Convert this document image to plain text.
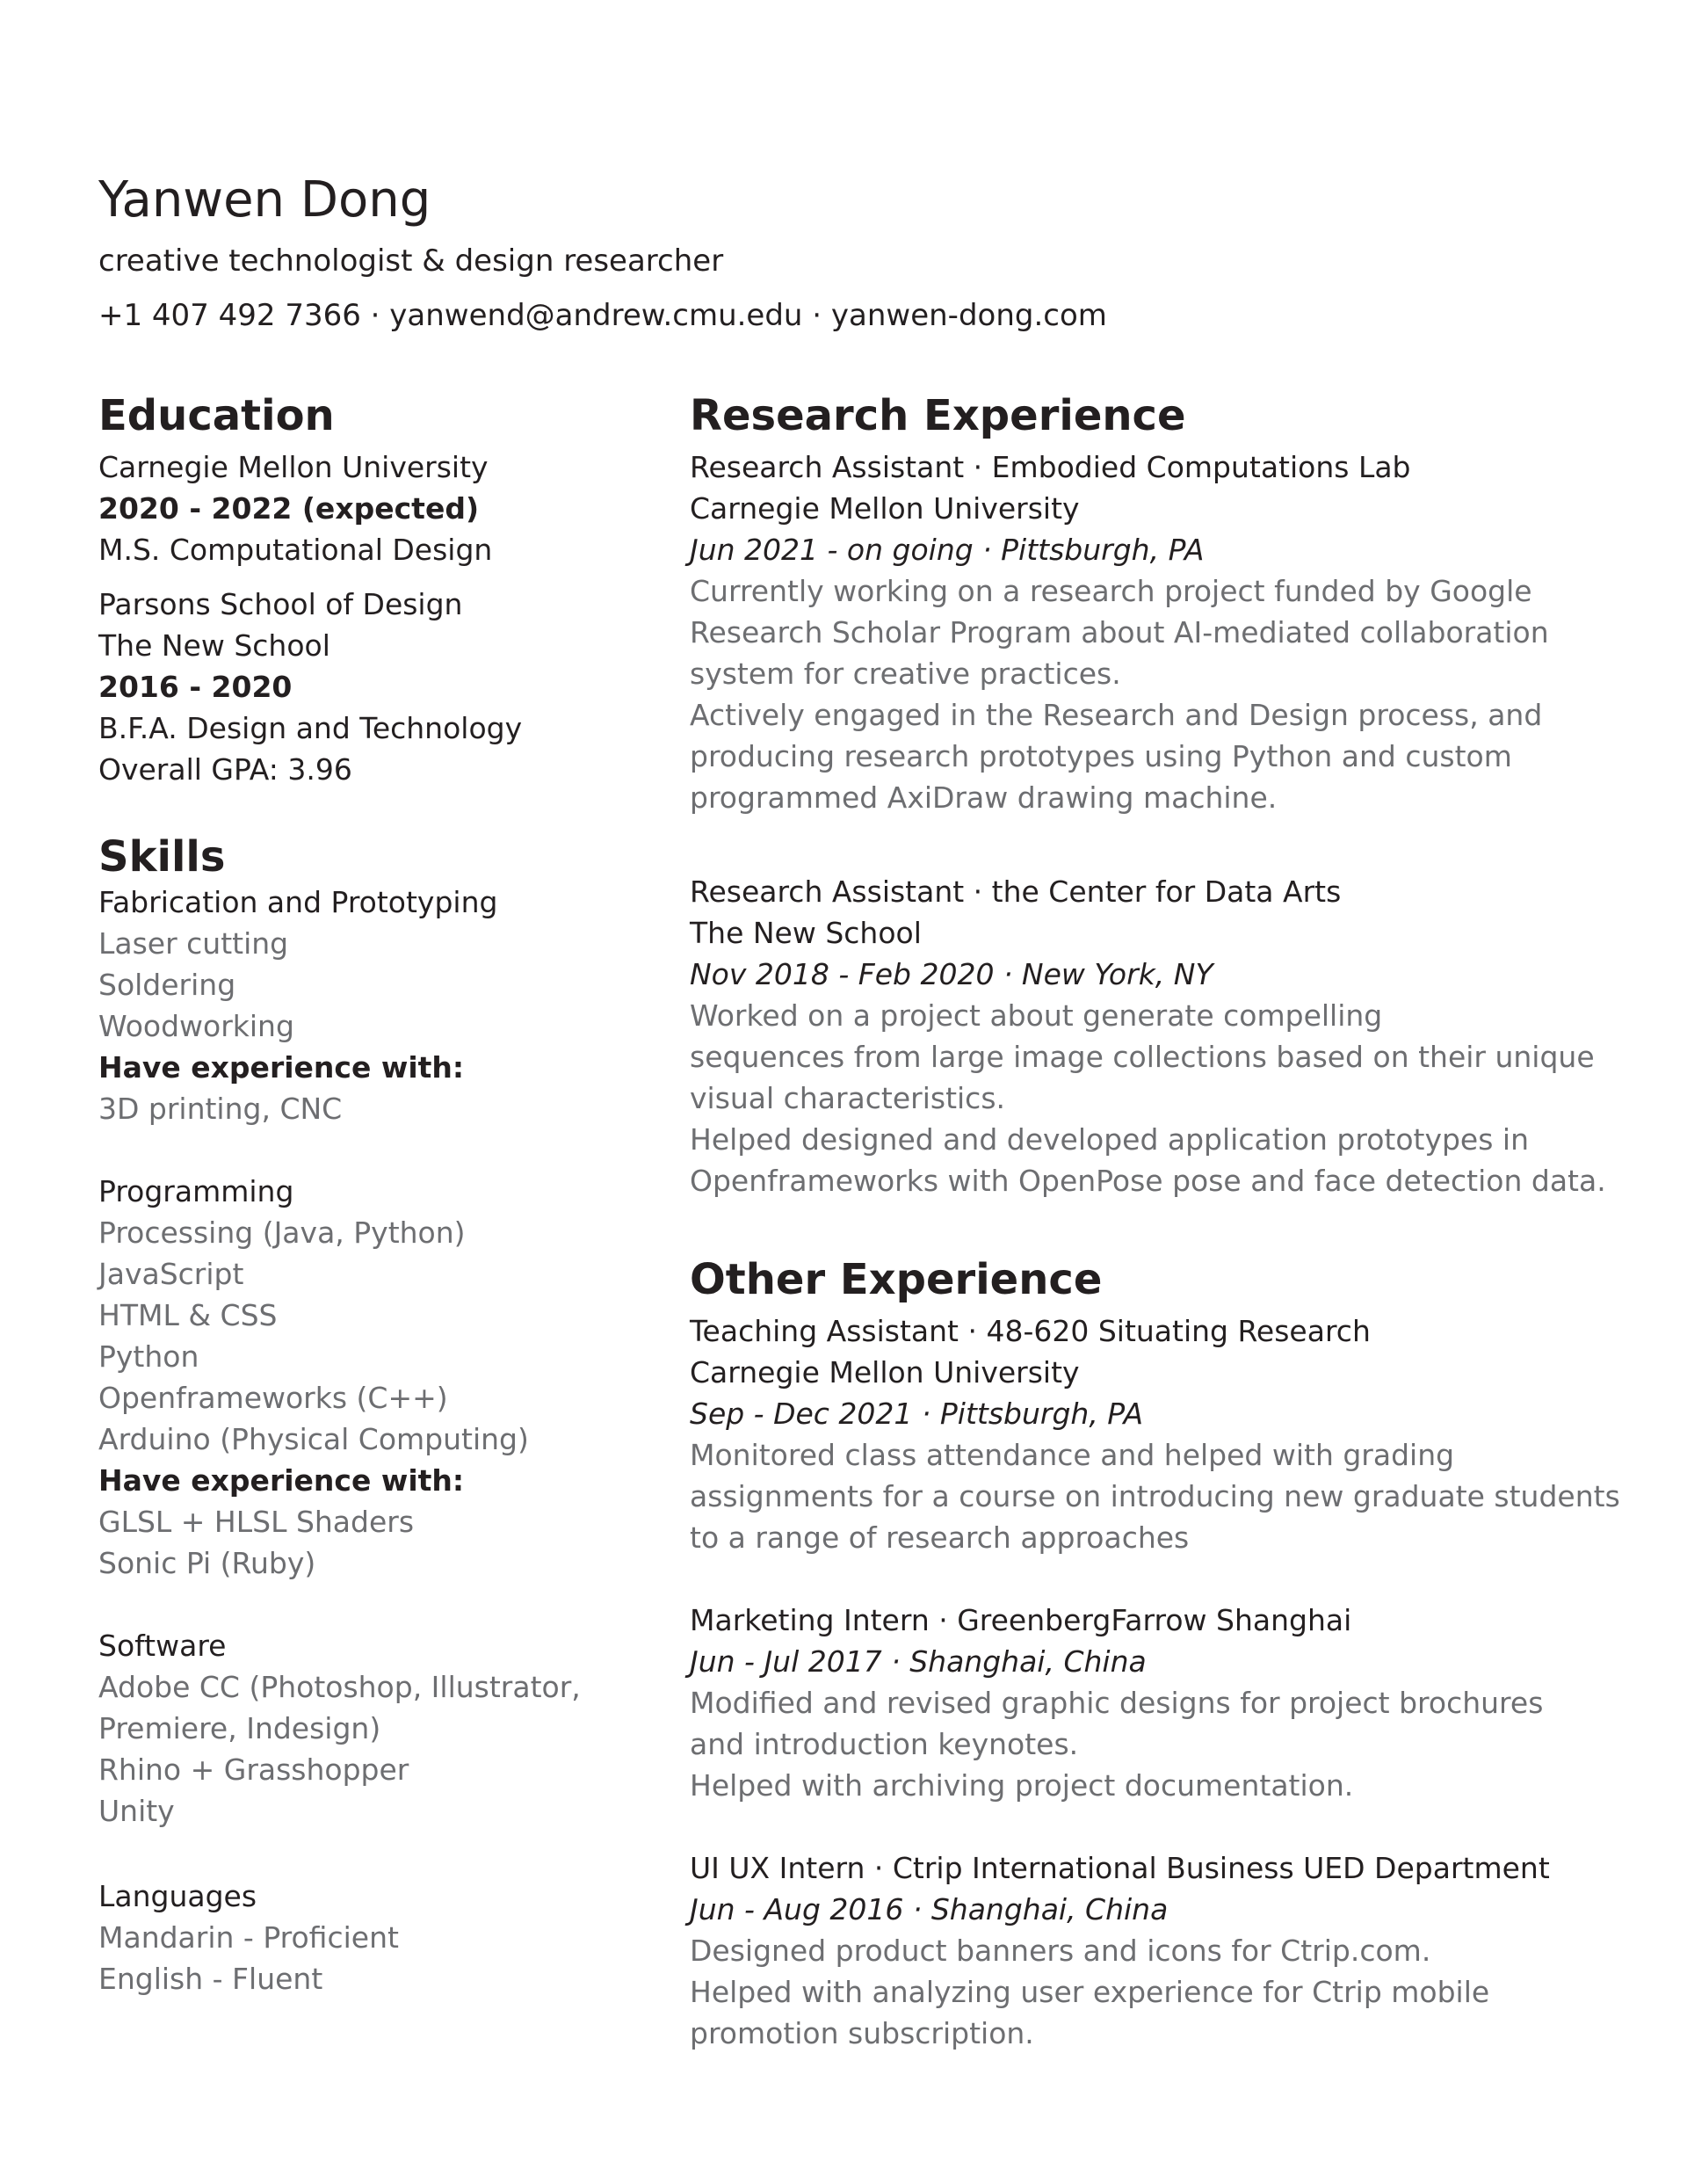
Yanwen Dong
creative technologist & design researcher
+1 407 492 7366 · yanwend@andrew.cmu.edu · yanwen-dong.com
Education
Carnegie Mellon University
2020 - 2022 (expected)
M.S. Computational Design
Parsons School of Design
The New School
2016 - 2020
B.F.A. Design and Technology
Overall GPA: 3.96
Skills
Fabrication and Prototyping
Laser cutting
Soldering
Woodworking
Have experience with:
3D printing, CNC
Programming
Processing (Java, Python)
JavaScript
HTML & CSS
Python
Openframeworks (C++)
Arduino (Physical Computing)
Have experience with:
GLSL + HLSL Shaders
Sonic Pi (Ruby)
Software
Adobe CC (Photoshop, Illustrator,
Premiere, Indesign)
Rhino + Grasshopper
Unity
Languages
Mandarin - Proficient
English - Fluent
Research Experience
Research Assistant · Embodied Computations Lab
Carnegie Mellon University
Jun 2021 - on going · Pittsburgh, PA
Currently working on a research project funded by Google
Research Scholar Program about AI-mediated collaboration
system for creative practices.
Actively engaged in the Research and Design process, and
producing research prototypes using Python and custom
programmed AxiDraw drawing machine.
Research Assistant · the Center for Data Arts
The New School
Nov 2018 - Feb 2020 · New York, NY
Worked on a project about generate compelling
sequences from large image collections based on their unique
visual characteristics.
Helped designed and developed application prototypes in
Openframeworks with OpenPose pose and face detection data.
Other Experience
Teaching Assistant · 48-620 Situating Research
Carnegie Mellon University
Sep - Dec 2021 · Pittsburgh, PA
Monitored class attendance and helped with grading
assignments for a course on introducing new graduate students
to a range of research approaches
Marketing Intern · GreenbergFarrow Shanghai
Jun - Jul 2017 · Shanghai, China
Modified and revised graphic designs for project brochures
and introduction keynotes.
Helped with archiving project documentation.
UI UX Intern · Ctrip International Business UED Department
Jun - Aug 2016 · Shanghai, China
Designed product banners and icons for Ctrip.com.
Helped with analyzing user experience for Ctrip mobile
promotion subscription.
